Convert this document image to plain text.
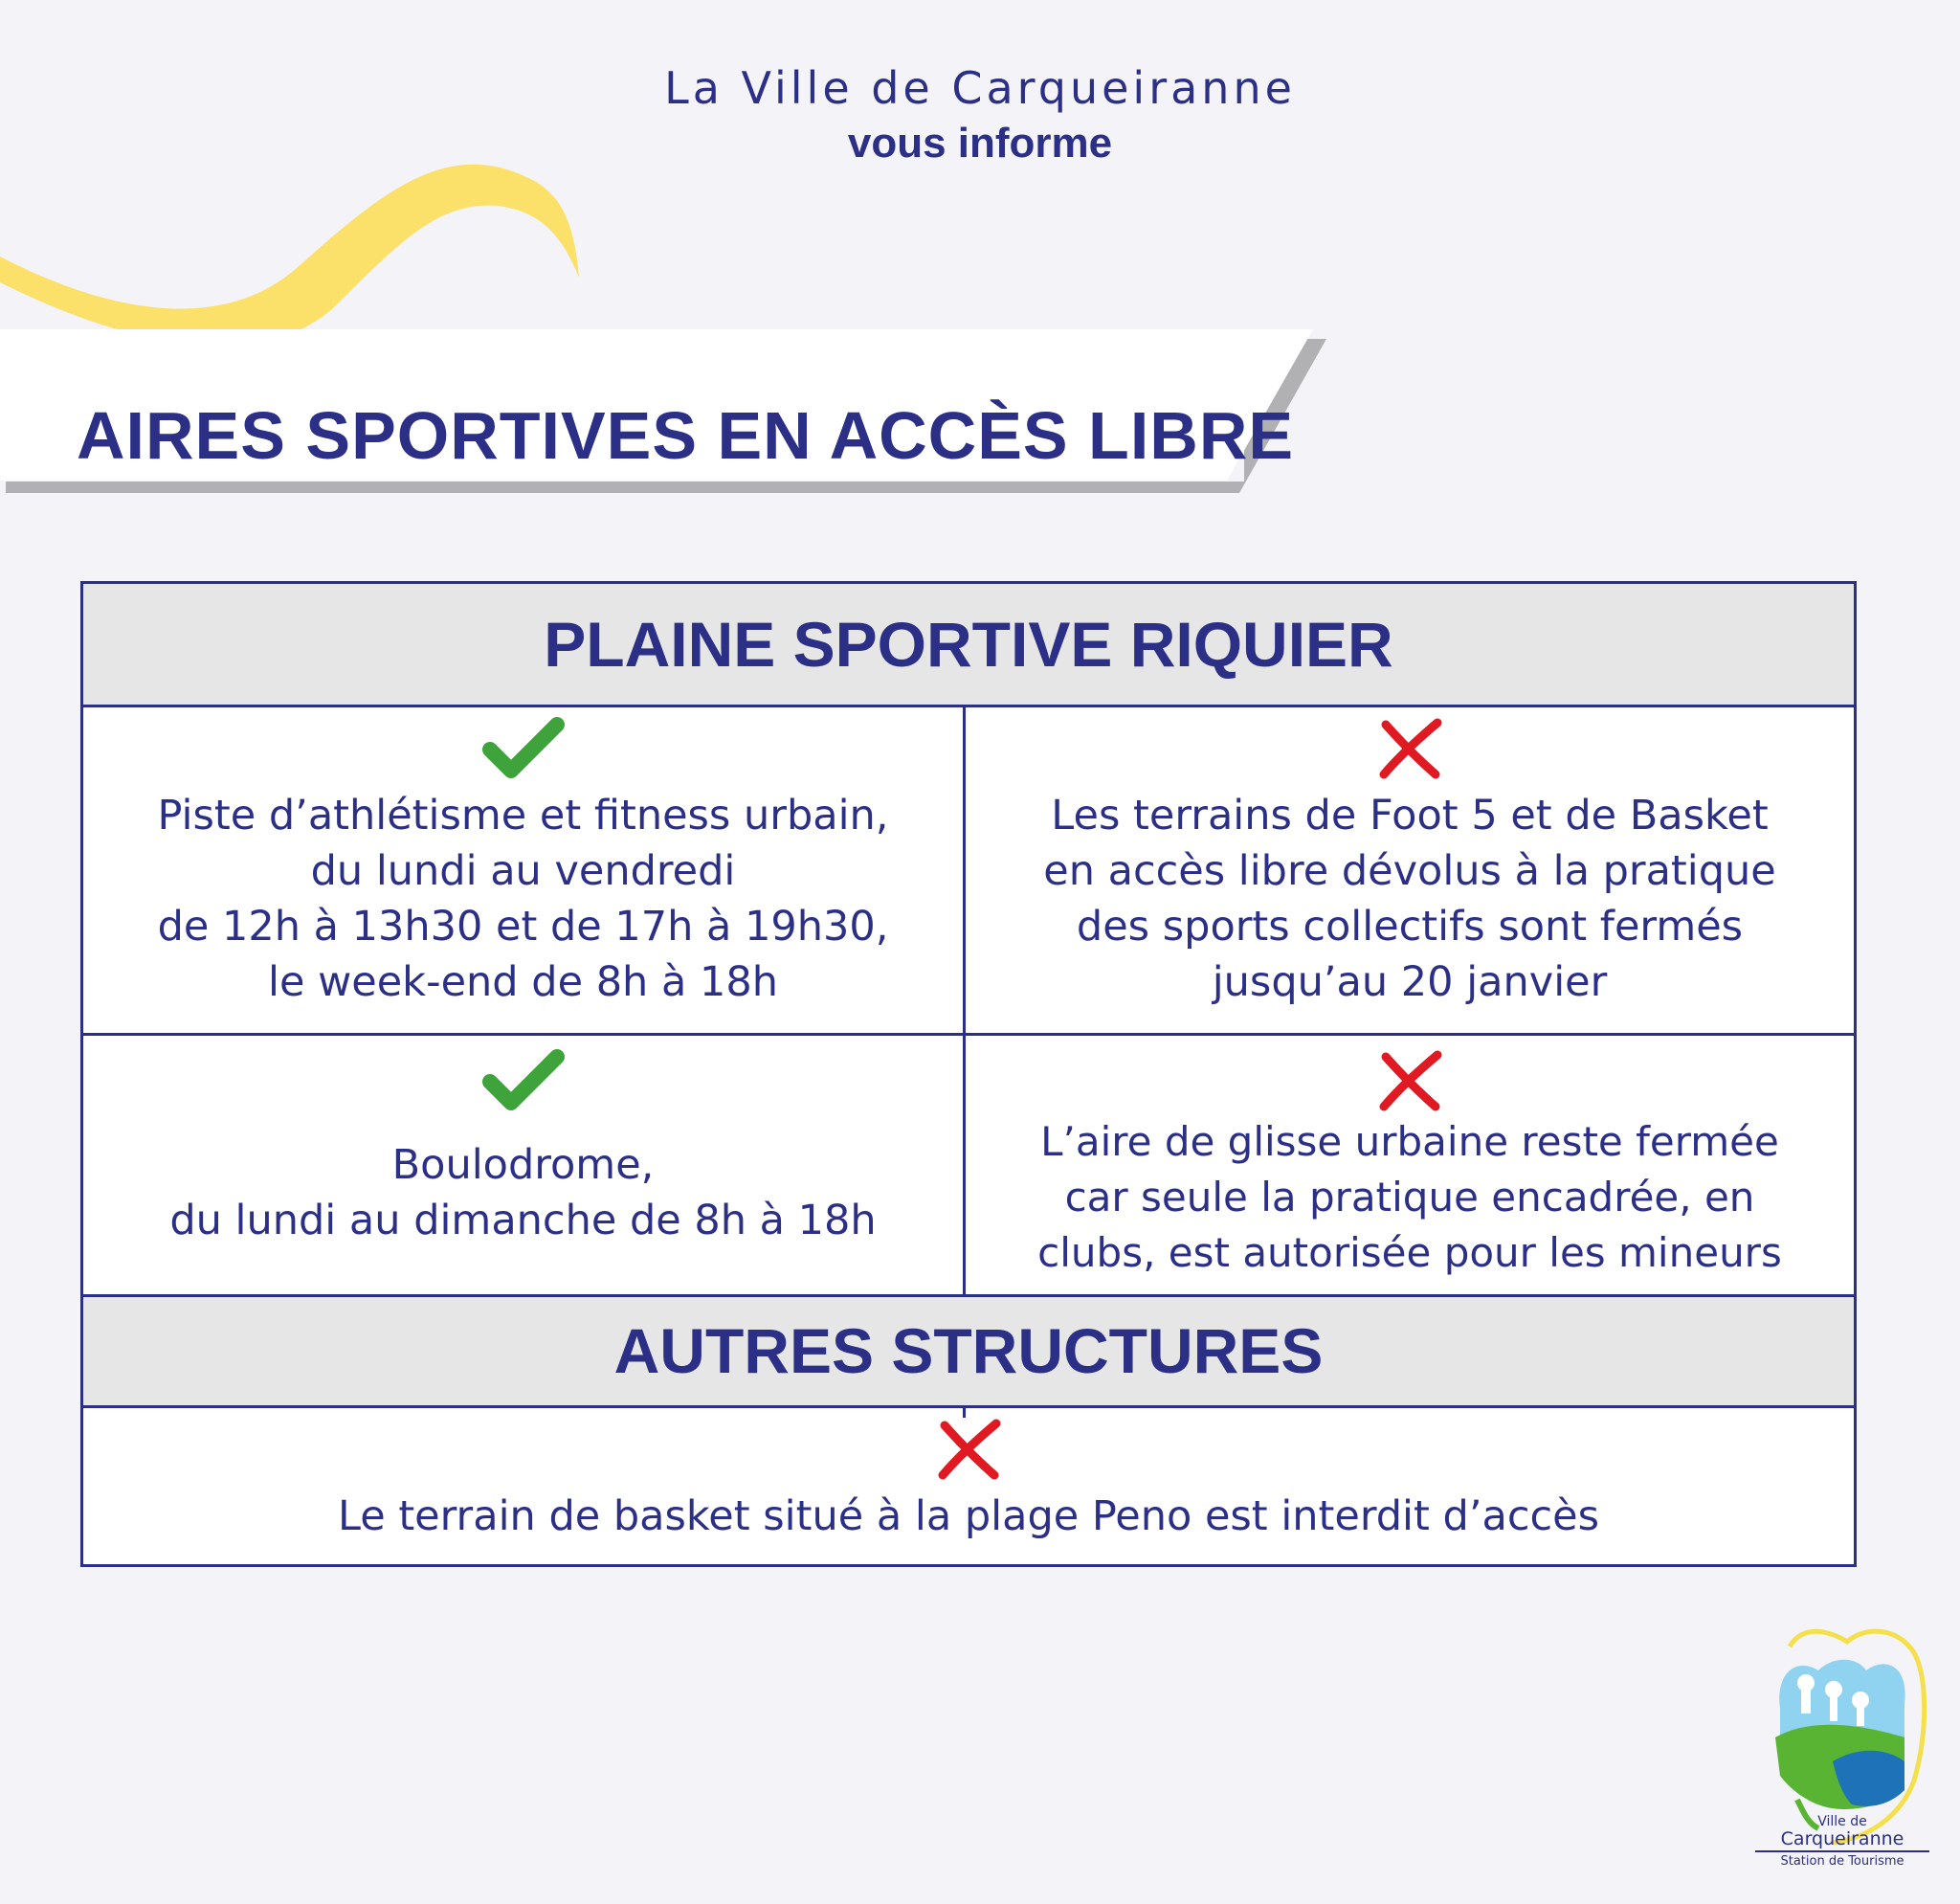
La Ville de Carqueiranne
vous informe
AIRES SPORTIVES EN ACCÈS LIBRE
PLAINE SPORTIVE RIQUIER
Piste d’athlétisme et fitness urbain,
du lundi au vendredi
de 12h à 13h30 et de 17h à 19h30,
le week-end de 8h à 18h
Les terrains de Foot 5 et de Basket
en accès libre dévolus à la pratique
des sports collectifs sont fermés
jusqu’au 20 janvier
Boulodrome,
du lundi au dimanche de 8h à 18h
L’aire de glisse urbaine reste fermée
car seule la pratique encadrée, en
clubs, est autorisée pour les mineurs
AUTRES STRUCTURES
Le terrain de basket situé à la plage Peno est interdit d’accès
Ville de
Carqueiranne
Station de Tourisme
